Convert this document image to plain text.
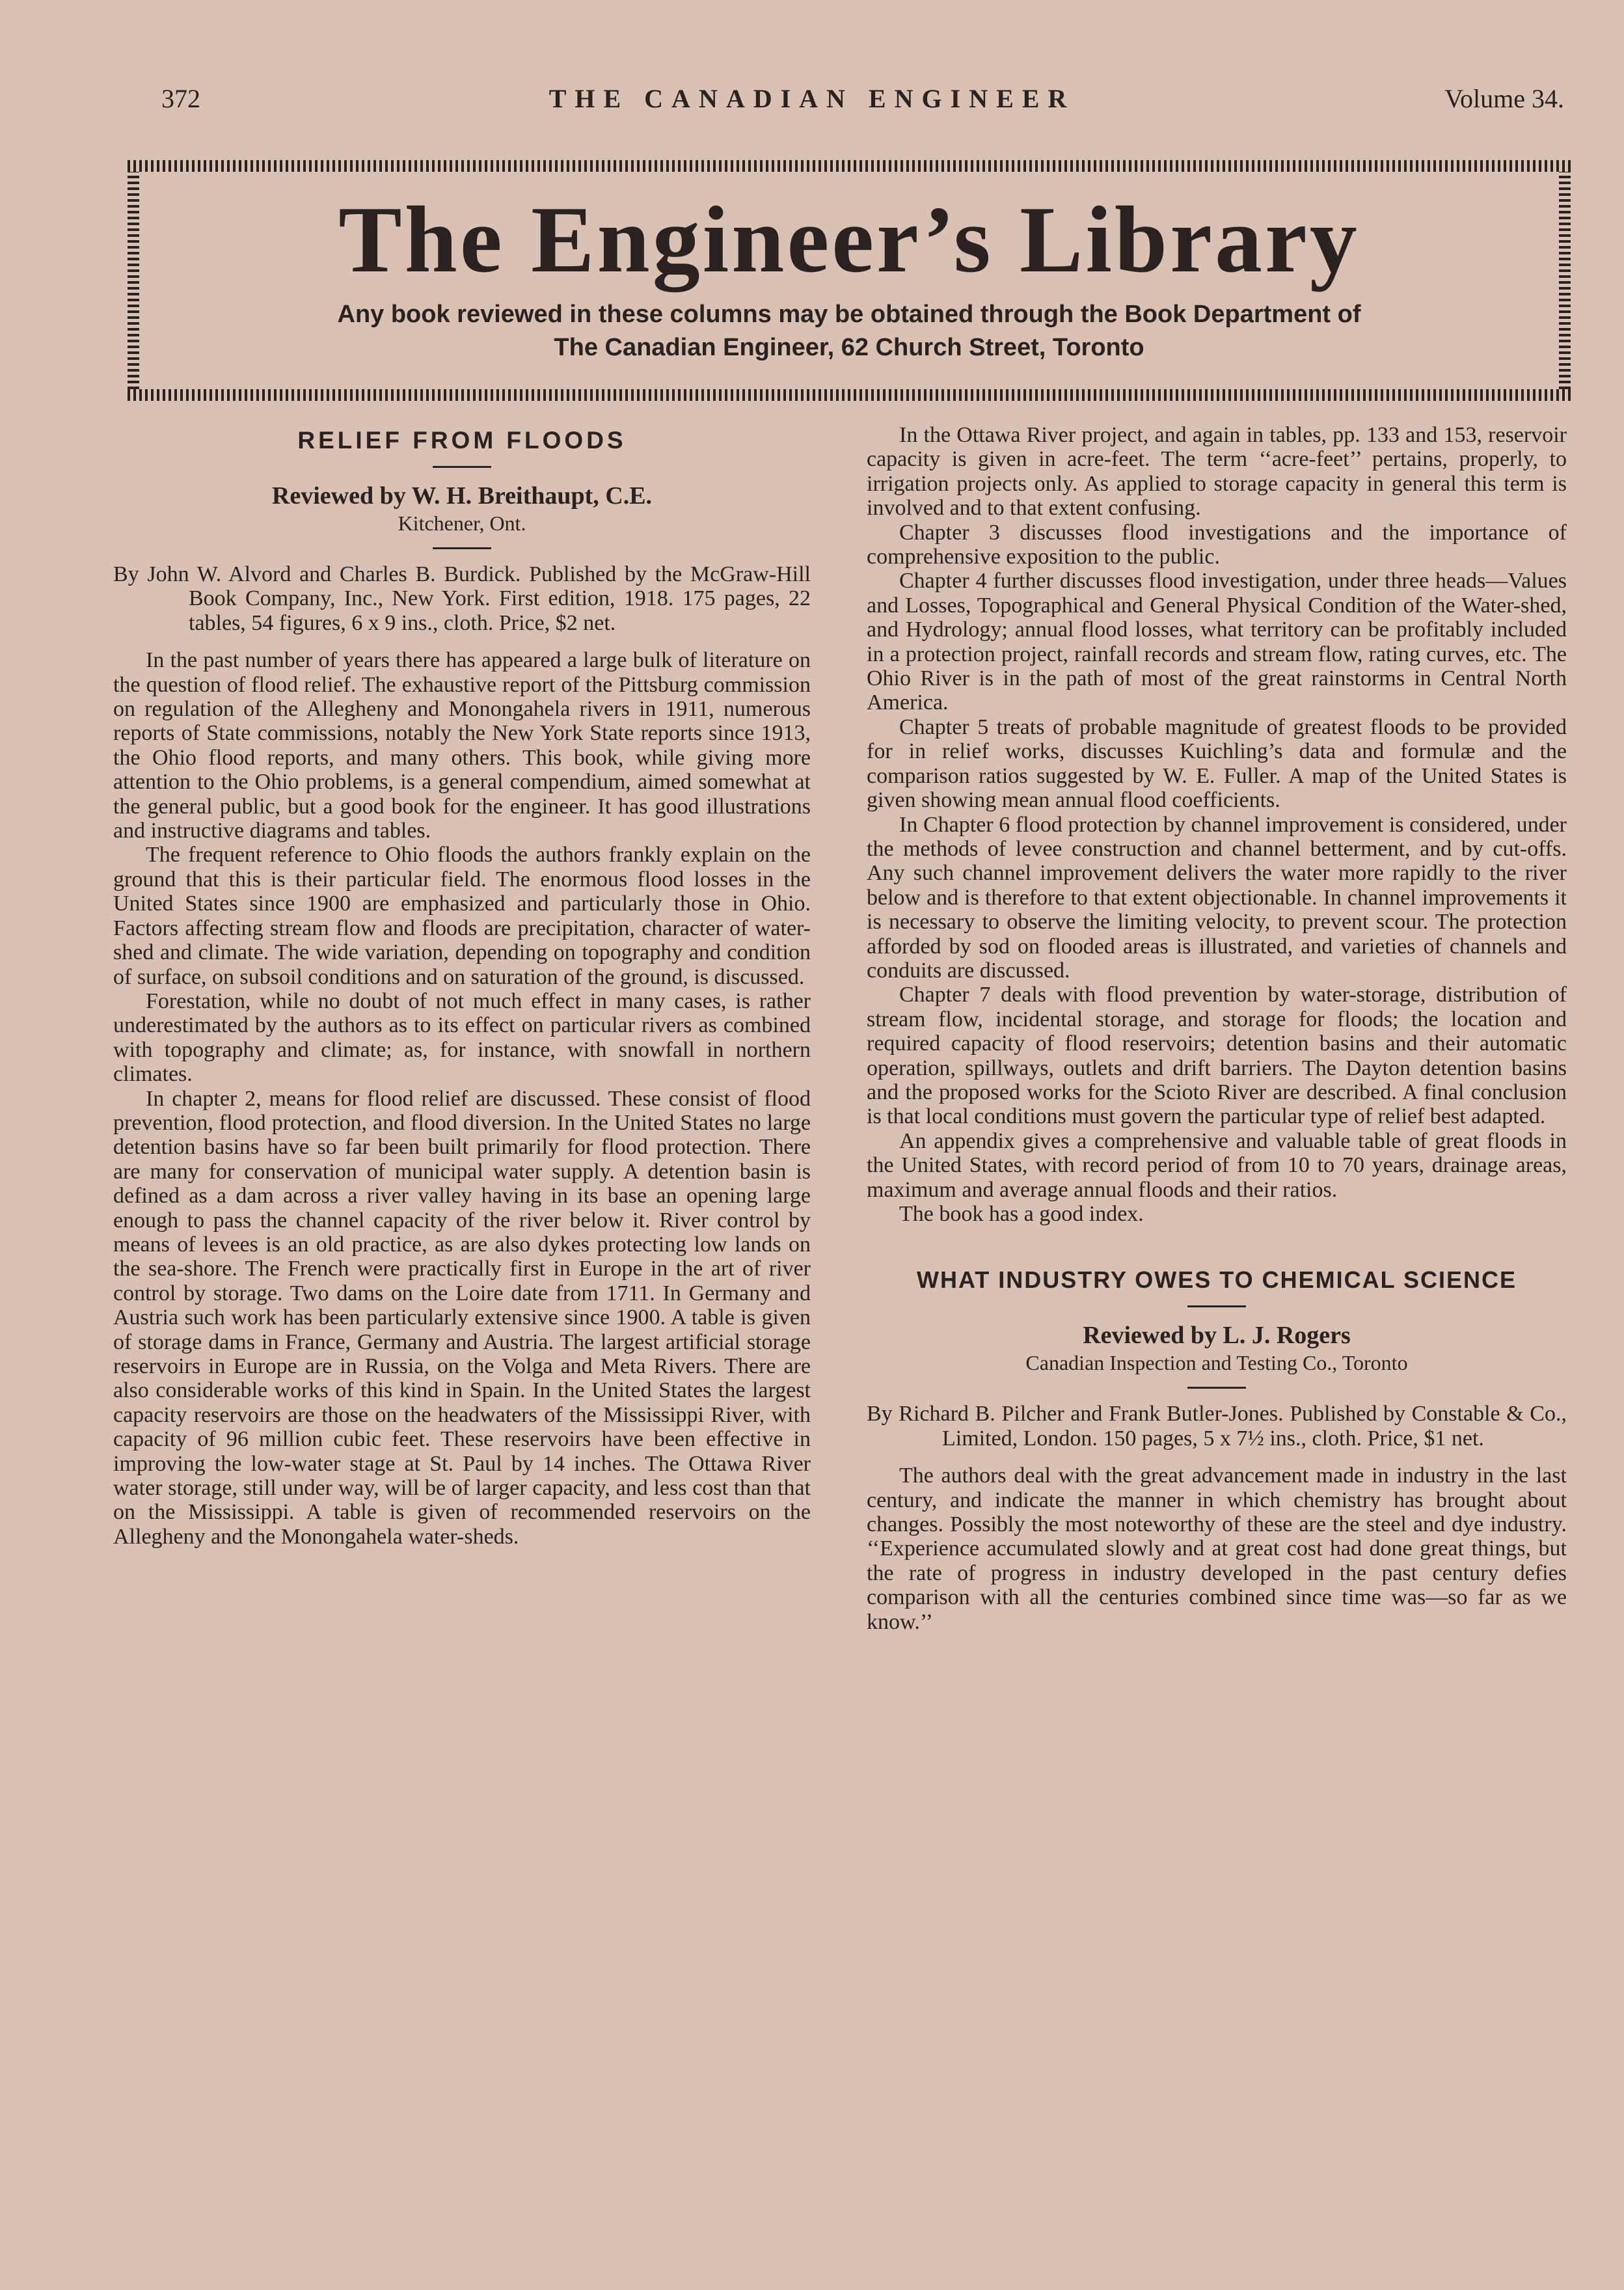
372	THE CANADIAN ENGINEER	Volume 34.
The Engineer’s Library
Any book reviewed in these columns may be obtained through the Book Department of
The Canadian Engineer, 62 Church Street, Toronto
RELIEF FROM FLOODS
Reviewed by W. H. Breithaupt, C.E.
Kitchener, Ont.

By John W. Alvord and Charles B. Burdick. Published by the McGraw-Hill Book Company, Inc., New York. First edition, 1918. 175 pages, 22 tables, 54 figures, 6 x 9 ins., cloth. Price, $2 net.

In the past number of years there has appeared a large bulk of literature on the question of flood relief. The exhaustive report of the Pittsburg commission on regulation of the Allegheny and Monongahela rivers in 1911, numerous reports of State commissions, notably the New York State reports since 1913, the Ohio flood reports, and many others. This book, while giving more attention to the Ohio problems, is a general compendium, aimed somewhat at the general public, but a good book for the engineer. It has good illustrations and instructive diagrams and tables.

The frequent reference to Ohio floods the authors frankly explain on the ground that this is their particular field. The enormous flood losses in the United States since 1900 are emphasized and particularly those in Ohio. Factors affecting stream flow and floods are precipitation, character of water-shed and climate. The wide variation, depending on topography and condition of surface, on subsoil conditions and on saturation of the ground, is discussed.

Forestation, while no doubt of not much effect in many cases, is rather underestimated by the authors as to its effect on particular rivers as combined with topography and climate; as, for instance, with snowfall in northern climates.

In chapter 2, means for flood relief are discussed. These consist of flood prevention, flood protection, and flood diversion. In the United States no large detention basins have so far been built primarily for flood protection. There are many for conservation of municipal water supply. A detention basin is defined as a dam across a river valley having in its base an opening large enough to pass the channel capacity of the river below it. River control by means of levees is an old practice, as are also dykes protecting low lands on the sea-shore. The French were practically first in Europe in the art of river control by storage. Two dams on the Loire date from 1711. In Germany and Austria such work has been particularly extensive since 1900. A table is given of storage dams in France, Germany and Austria. The largest artificial storage reservoirs in Europe are in Russia, on the Volga and Meta Rivers. There are also considerable works of this kind in Spain. In the United States the largest capacity reservoirs are those on the headwaters of the Mississippi River, with capacity of 96 million cubic feet. These reservoirs have been effective in improving the low-water stage at St. Paul by 14 inches. The Ottawa River water storage, still under way, will be of larger capacity, and less cost than that on the Mississippi. A table is given of recommended reservoirs on the Allegheny and the Monongahela water-sheds.

In the Ottawa River project, and again in tables, pp. 133 and 153, reservoir capacity is given in acre-feet. The term ‘‘acre-feet’’ pertains, properly, to irrigation projects only. As applied to storage capacity in general this term is involved and to that extent confusing.

Chapter 3 discusses flood investigations and the importance of comprehensive exposition to the public.

Chapter 4 further discusses flood investigation, under three heads—Values and Losses, Topographical and General Physical Condition of the Water-shed, and Hydrology; annual flood losses, what territory can be profitably included in a protection project, rainfall records and stream flow, rating curves, etc. The Ohio River is in the path of most of the great rainstorms in Central North America.

Chapter 5 treats of probable magnitude of greatest floods to be provided for in relief works, discusses Kuichling’s data and formulæ and the comparison ratios suggested by W. E. Fuller. A map of the United States is given showing mean annual flood coefficients.

In Chapter 6 flood protection by channel improvement is considered, under the methods of levee construction and channel betterment, and by cut-offs. Any such channel improvement delivers the water more rapidly to the river below and is therefore to that extent objectionable. In channel improvements it is necessary to observe the limiting velocity, to prevent scour. The protection afforded by sod on flooded areas is illustrated, and varieties of channels and conduits are discussed.

Chapter 7 deals with flood prevention by water-storage, distribution of stream flow, incidental storage, and storage for floods; the location and required capacity of flood reservoirs; detention basins and their automatic operation, spillways, outlets and drift barriers. The Dayton detention basins and the proposed works for the Scioto River are described. A final conclusion is that local conditions must govern the particular type of relief best adapted.

An appendix gives a comprehensive and valuable table of great floods in the United States, with record period of from 10 to 70 years, drainage areas, maximum and average annual floods and their ratios.

The book has a good index.

WHAT INDUSTRY OWES TO CHEMICAL SCIENCE
Reviewed by L. J. Rogers
Canadian Inspection and Testing Co., Toronto

By Richard B. Pilcher and Frank Butler-Jones. Published by Constable & Co., Limited, London. 150 pages, 5 x 7½ ins., cloth. Price, $1 net.

The authors deal with the great advancement made in industry in the last century, and indicate the manner in which chemistry has brought about changes. Possibly the most noteworthy of these are the steel and dye industry. ‘‘Experience accumulated slowly and at great cost had done great things, but the rate of progress in industry developed in the past century defies comparison with all the centuries combined since time was—so far as we know.’’
